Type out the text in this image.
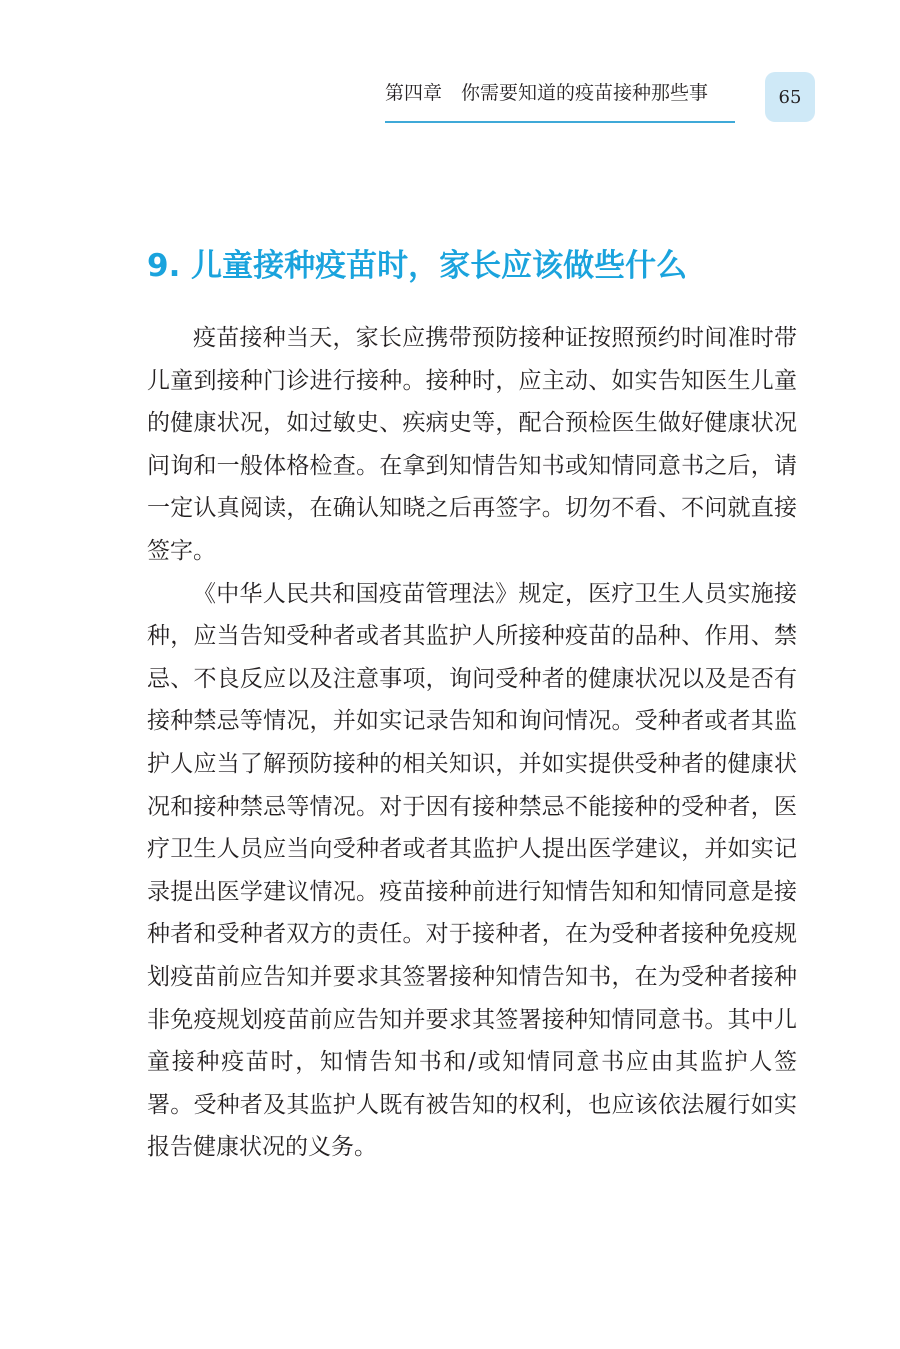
第四章　你需要知道的疫苗接种那些事	65
9. 儿童接种疫苗时，家长应该做些什么

疫苗接种当天，家长应携带预防接种证按照预约时间准时带儿童到接种门诊进行接种。接种时，应主动、如实告知医生儿童的健康状况，如过敏史、疾病史等，配合预检医生做好健康状况问询和一般体格检查。在拿到知情告知书或知情同意书之后，请一定认真阅读，在确认知晓之后再签字。切勿不看、不问就直接签字。

《中华人民共和国疫苗管理法》规定，医疗卫生人员实施接种，应当告知受种者或者其监护人所接种疫苗的品种、作用、禁忌、不良反应以及注意事项，询问受种者的健康状况以及是否有接种禁忌等情况，并如实记录告知和询问情况。受种者或者其监护人应当了解预防接种的相关知识，并如实提供受种者的健康状况和接种禁忌等情况。对于因有接种禁忌不能接种的受种者，医疗卫生人员应当向受种者或者其监护人提出医学建议，并如实记录提出医学建议情况。疫苗接种前进行知情告知和知情同意是接种者和受种者双方的责任。对于接种者，在为受种者接种免疫规划疫苗前应告知并要求其签署接种知情告知书，在为受种者接种非免疫规划疫苗前应告知并要求其签署接种知情同意书。其中儿童接种疫苗时，知情告知书和/或知情同意书应由其监护人签署。受种者及其监护人既有被告知的权利，也应该依法履行如实报告健康状况的义务。
